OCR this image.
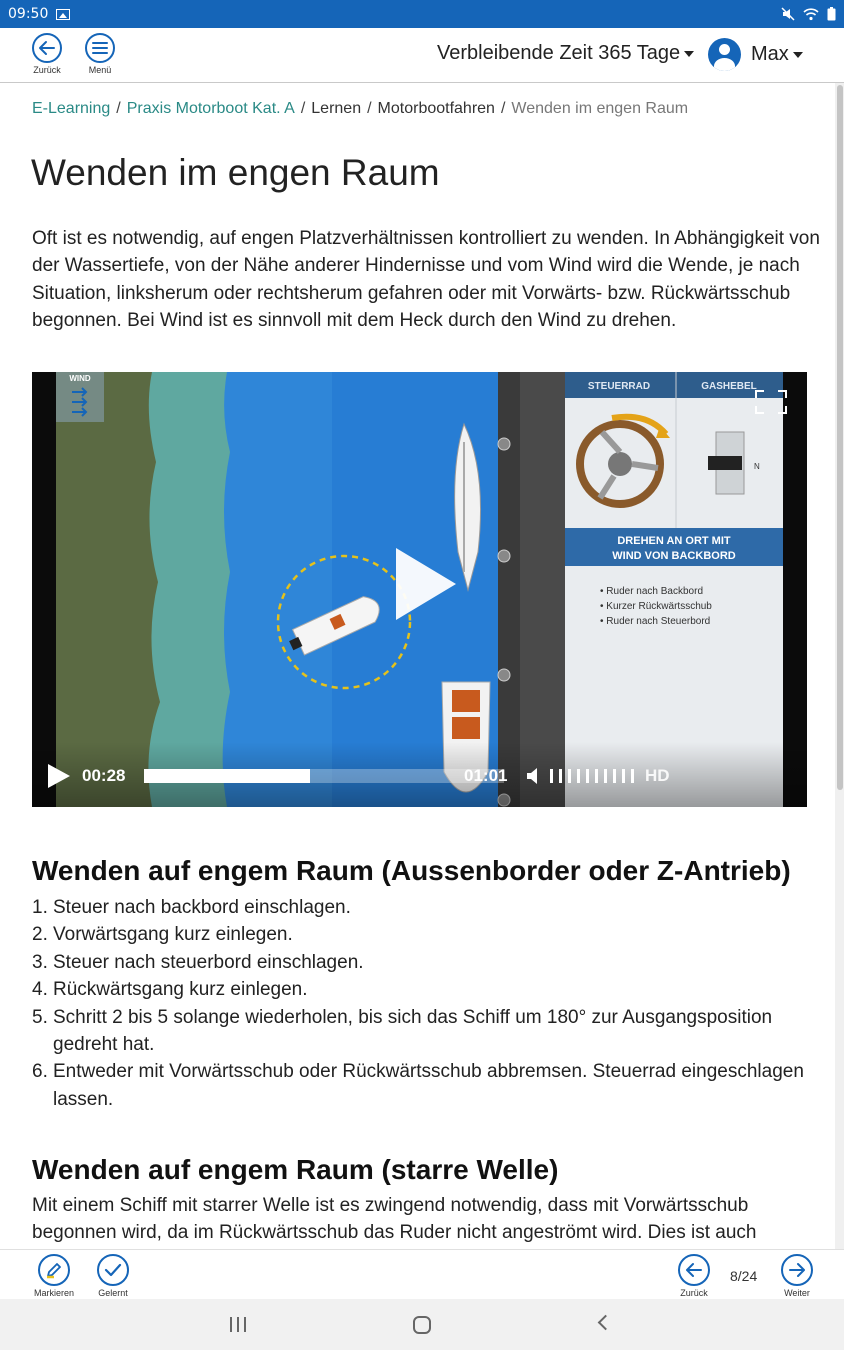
09:50
Zurück	Menü
Verbleibende Zeit 365 Tage	Max
E-Learning / Praxis Motorboot Kat. A / Lernen / Motorbootfahren / Wenden im engen Raum
Wenden im engen Raum

Oft ist es notwendig, auf engen Platzverhältnissen kontrolliert zu wenden. In Abhängigkeit von der Wassertiefe, von der Nähe anderer Hindernisse und vom Wind wird die Wende, je nach Situation, linksherum oder rechtsherum gefahren oder mit Vorwärts- bzw. Rückwärtsschub begonnen. Bei Wind ist es sinnvoll mit dem Heck durch den Wind zu drehen.

WIND
STEUERRAD	GASHEBEL
N
DREHEN AN ORT MIT
WIND VON BACKBORD
• Ruder nach Backbord
• Kurzer Rückwärtsschub
• Ruder nach Steuerbord
00:28	01:01	HD
Wenden auf engem Raum (Aussenborder oder Z-Antrieb)
1. Steuer nach backbord einschlagen.
2. Vorwärtsgang kurz einlegen.
3. Steuer nach steuerbord einschlagen.
4. Rückwärtsgang kurz einlegen.
5. Schritt 2 bis 5 solange wiederholen, bis sich das Schiff um 180° zur Ausgangsposition gedreht hat.
6. Entweder mit Vorwärtsschub oder Rückwärtsschub abbremsen. Steuerrad eingeschlagen lassen.
Wenden auf engem Raum (starre Welle)

Mit einem Schiff mit starrer Welle ist es zwingend notwendig, dass mit Vorwärtsschub begonnen wird, da im Rückwärtsschub das Ruder nicht angeströmt wird. Dies ist auch

Markieren	Gelernt	Zurück
8/24
Weiter
